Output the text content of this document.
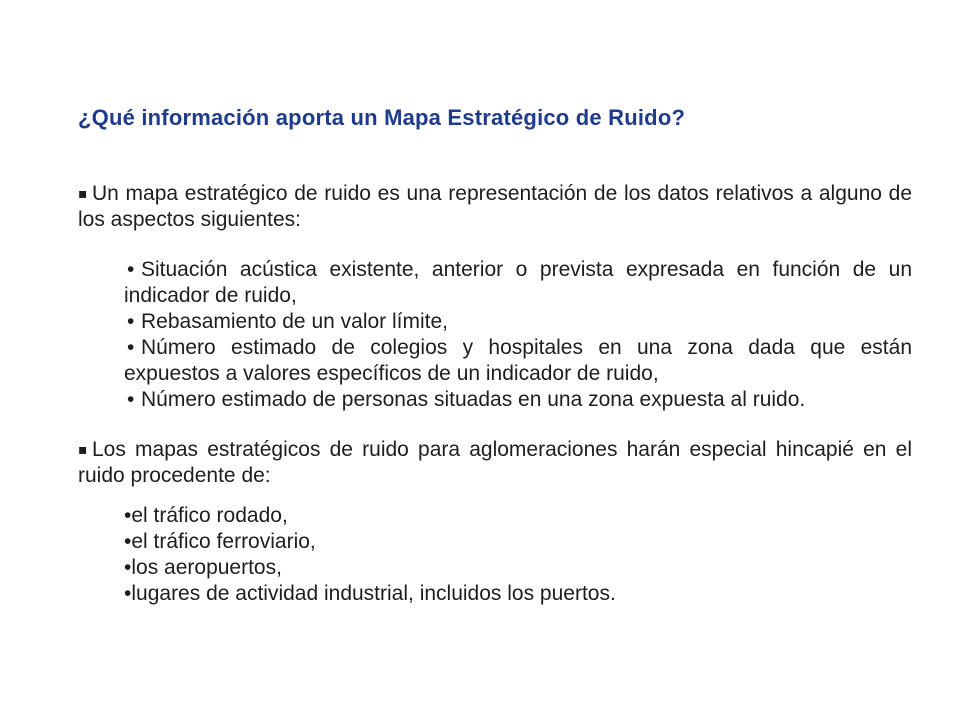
¿Qué información aporta un Mapa Estratégico de Ruido?
▪ Un mapa estratégico de ruido es una representación de los datos relativos a alguno de
los aspectos siguientes:
• Situación acústica existente, anterior o prevista expresada en función de un
indicador de ruido,
• Rebasamiento de un valor límite,
• Número estimado de colegios y hospitales en una zona dada que están
expuestos a valores específicos de un indicador de ruido,
• Número estimado de personas situadas en una zona expuesta al ruido.
▪ Los mapas estratégicos de ruido para aglomeraciones harán especial hincapié en el
ruido procedente de:
•el tráfico rodado,
•el tráfico ferroviario,
•los aeropuertos,
•lugares de actividad industrial, incluidos los puertos.
